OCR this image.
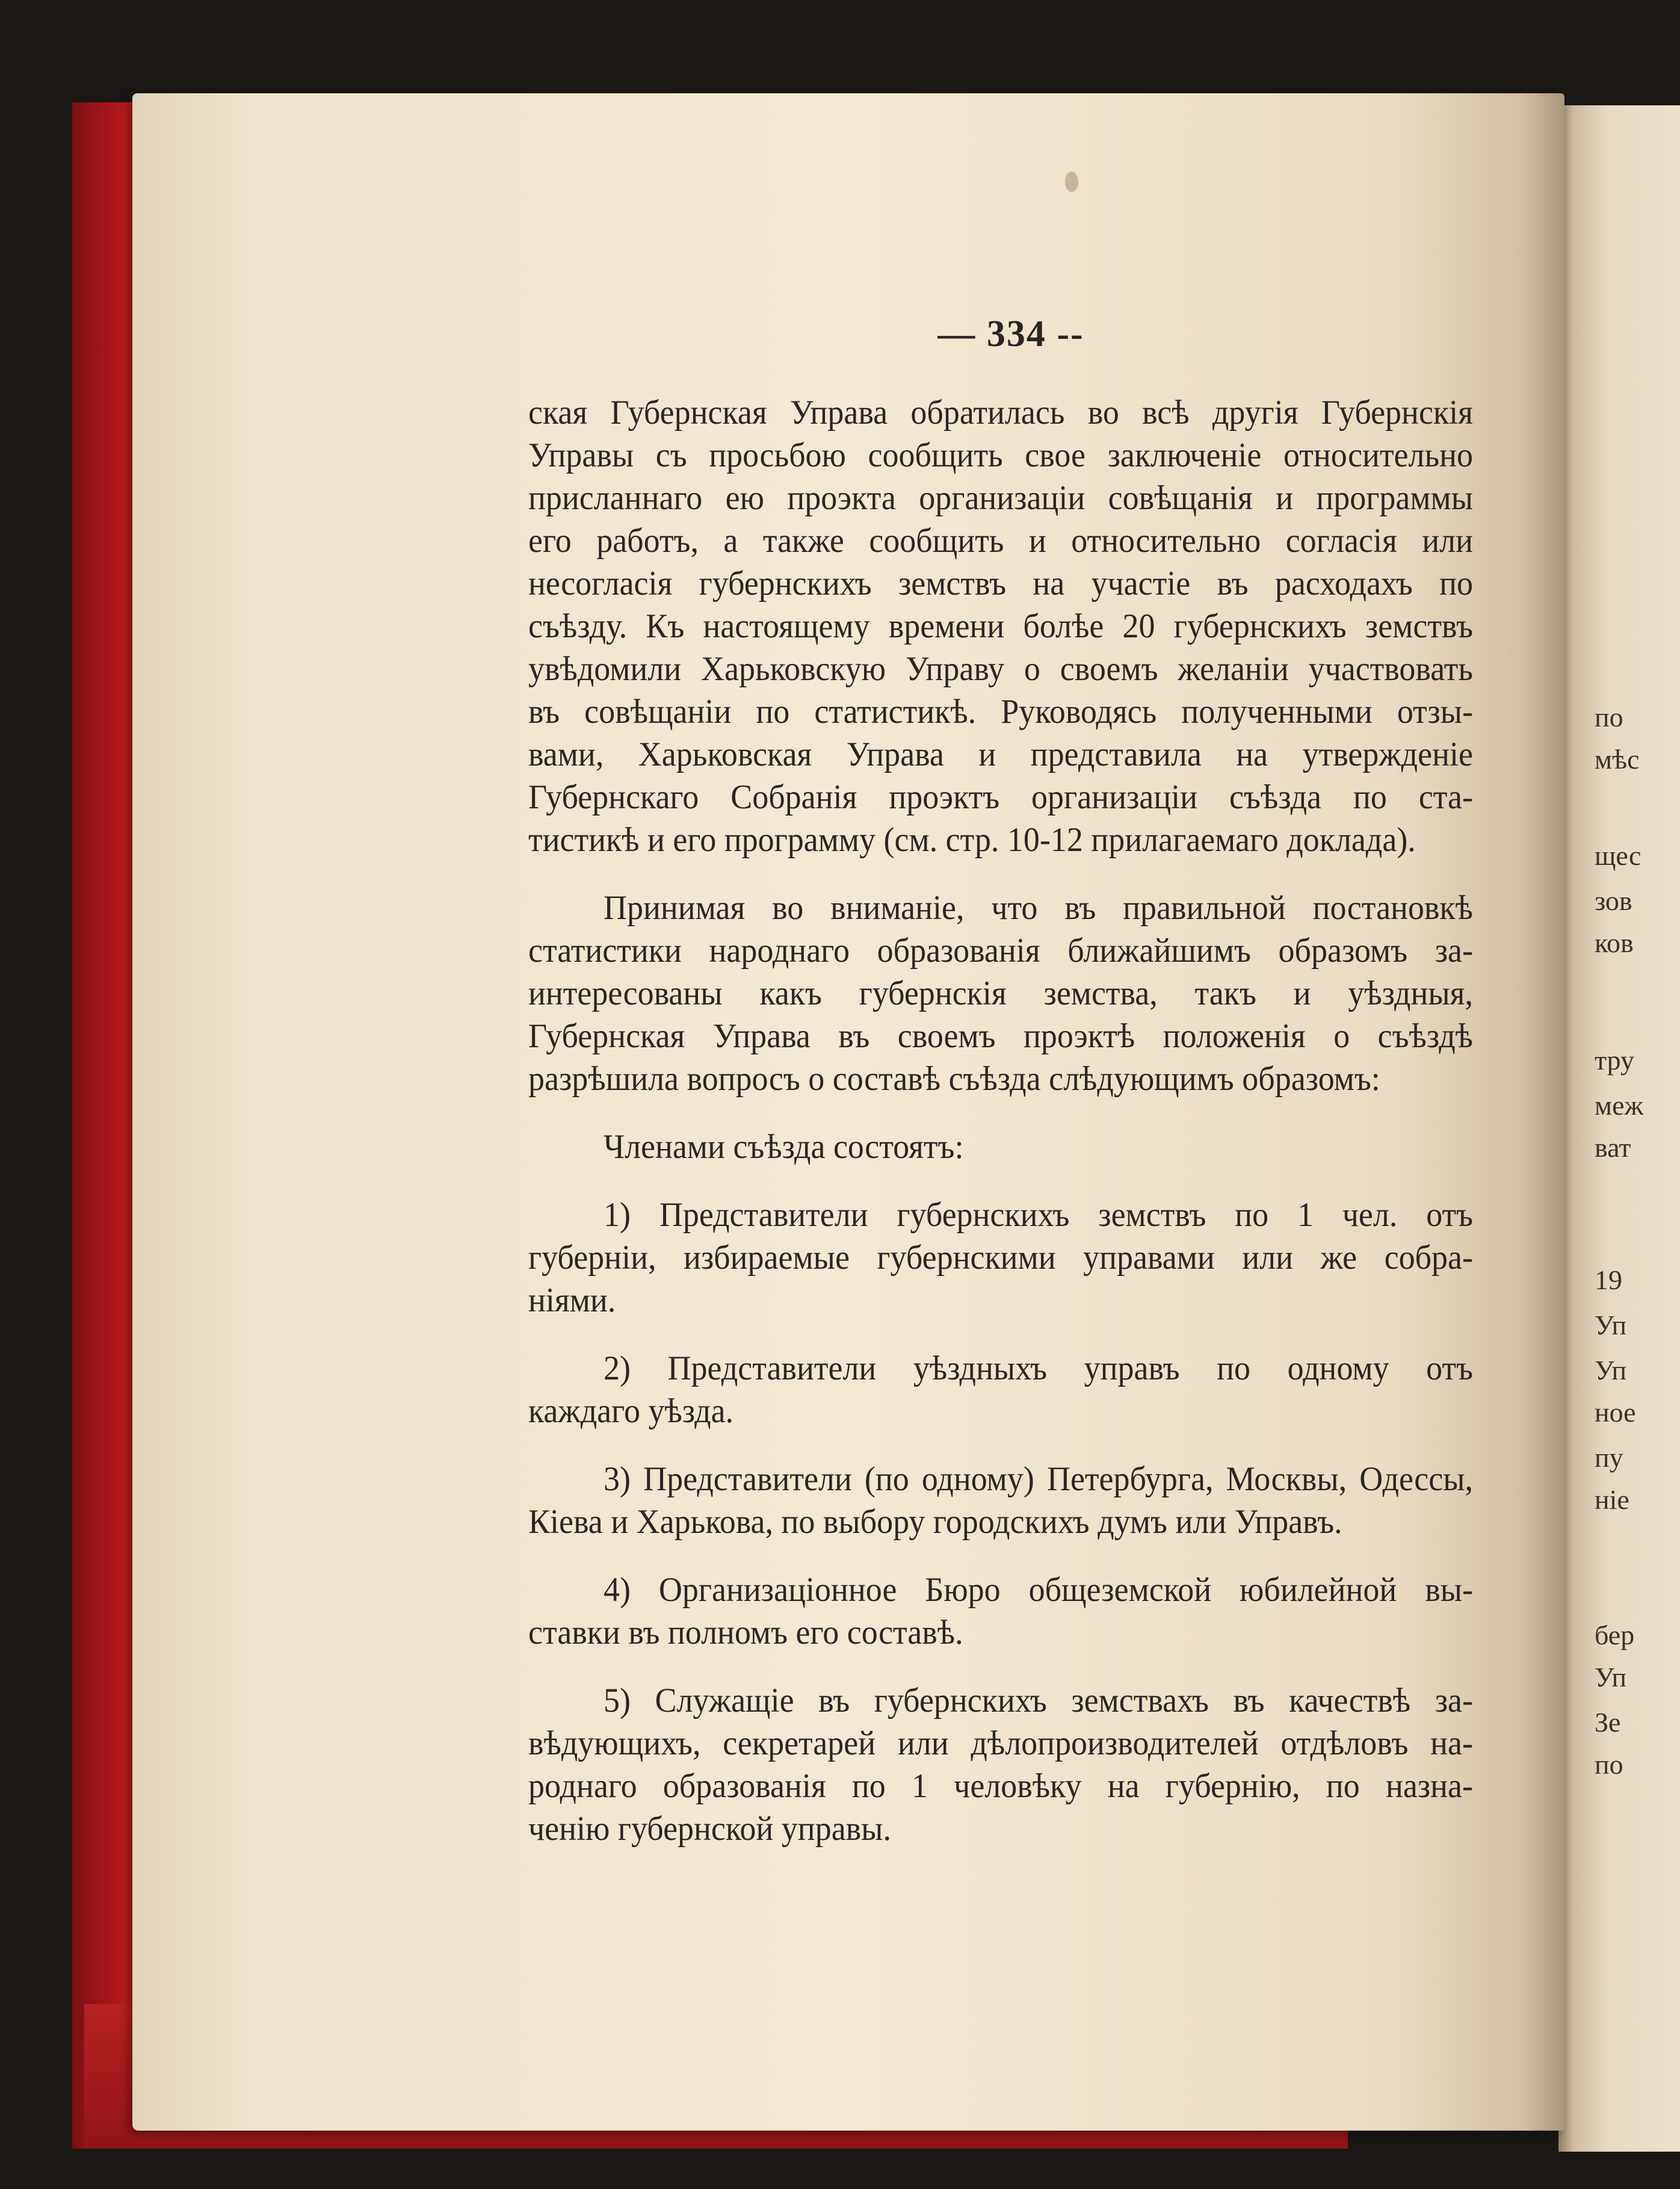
по
мѣс
щес
зов
ков
тру
меж
ват
19
Уп
Уп
ное
пу
ніе
бер
Уп
Зе
по
— 334 --
ская Губернская Управа обратилась во всѣ другія Губернскія
Управы съ просьбою сообщить свое заключеніе относительно
присланнаго ею проэкта организаціи совѣщанія и программы
его работъ, а также сообщить и относительно согласія или
несогласія губернскихъ земствъ на участіе въ расходахъ по
съѣзду. Къ настоящему времени болѣе 20 губернскихъ земствъ
увѣдомили Харьковскую Управу о своемъ желаніи участвовать
въ совѣщаніи по статистикѣ. Руководясь полученными отзы-
вами, Харьковская Управа и представила на утвержденіе
Губернскаго Собранія проэктъ организаціи съѣзда по ста-
тистикѣ и его программу (см. стр. 10-12 прилагаемаго доклада).
Принимая во вниманіе, что въ правильной постановкѣ
статистики народнаго образованія ближайшимъ образомъ за-
интересованы какъ губернскія земства, такъ и уѣздныя,
Губернская Управа въ своемъ проэктѣ положенія о съѣздѣ
разрѣшила вопросъ о составѣ съѣзда слѣдующимъ образомъ:
Членами съѣзда состоятъ:
1) Представители губернскихъ земствъ по 1 чел. отъ
губерніи, избираемые губернскими управами или же собра-
ніями.
2) Представители уѣздныхъ управъ по одному отъ
каждаго уѣзда.
3) Представители (по одному) Петербурга, Москвы, Одессы,
Кіева и Харькова, по выбору городскихъ думъ или Управъ.
4) Организаціонное Бюро общеземской юбилейной вы-
ставки въ полномъ его составѣ.
5) Служащіе въ губернскихъ земствахъ въ качествѣ за-
вѣдующихъ, секретарей или дѣлопроизводителей отдѣловъ на-
роднаго образованія по 1 человѣку на губернію, по назна-
ченію губернской управы.
